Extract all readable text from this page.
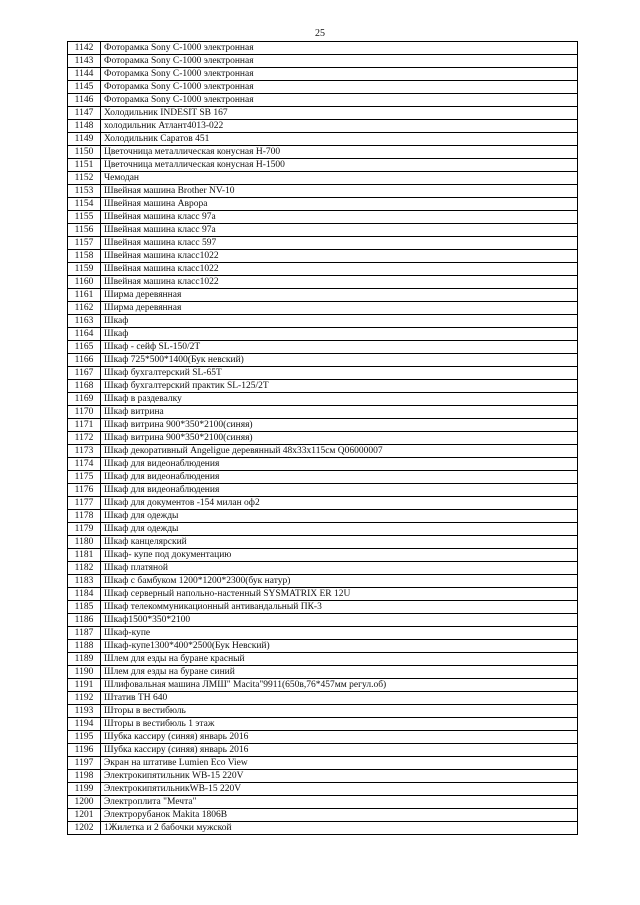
25
1142	Фоторамка Sony C-1000 электронная
1143	Фоторамка Sony C-1000 электронная
1144	Фоторамка Sony C-1000 электронная
1145	Фоторамка Sony C-1000 электронная
1146	Фоторамка Sony C-1000 электронная
1147	Холодильник INDESIT SB 167
1148	холодильник Атлант4013-022
1149	Холодильник Саратов 451
1150	Цветочница металлическая конусная Н-700
1151	Цветочница металлическая конусная Н-1500
1152	Чемодан
1153	Швейная машина Brother NV-10
1154	Швейная машина Аврора
1155	Швейная машина класс 97а
1156	Швейная машина класс 97а
1157	Швейная машина класс 597
1158	Швейная машина класс1022
1159	Швейная машина класс1022
1160	Швейная машина класс1022
1161	Ширма деревянная
1162	Ширма деревянная
1163	Шкаф
1164	Шкаф
1165	Шкаф - сейф SL-150/2T
1166	Шкаф 725*500*1400(Бук невский)
1167	Шкаф бухгалтерский SL-65T
1168	Шкаф бухгалтерский практик SL-125/2T
1169	Шкаф в раздевалку
1170	Шкаф витрина
1171	Шкаф витрина 900*350*2100(синяя)
1172	Шкаф витрина 900*350*2100(синяя)
1173	Шкаф декоративный Angeligue деревянный 48x33x115см Q06000007
1174	Шкаф для видеонаблюдения
1175	Шкаф для видеонаблюдения
1176	Шкаф для видеонаблюдения
1177	Шкаф для документов -154 милан оф2
1178	Шкаф для одежды
1179	Шкаф для одежды
1180	Шкаф канцелярский
1181	Шкаф- купе под документацию
1182	Шкаф платяной
1183	Шкаф с бамбуком 1200*1200*2300(бук натур)
1184	Шкаф серверный напольно-настенный SYSMATRIX ER 12U
1185	Шкаф телекоммуникационный антивандальный ПК-3
1186	Шкаф1500*350*2100
1187	Шкаф-купе
1188	Шкаф-купе1300*400*2500(Бук Невский)
1189	Шлем для езды на буране красный
1190	Шлем для езды на буране синий
1191	Шлифовальная машина ЛМШ" Macita"9911(650в,76*457мм регул.об)
1192	Штатив TH 640
1193	Шторы в вестибюль
1194	Шторы в вестибюль 1 этаж
1195	Шубка кассиру (синяя) январь 2016
1196	Шубка кассиру (синяя) январь 2016
1197	Экран на штативе Lumien Eco View
1198	Электрокипятильник WB-15 220V
1199	ЭлектрокипятильникWB-15 220V
1200	Электроплита "Мечта"
1201	Электрорубанок Makita 1806B
1202	1Жилетка и 2 бабочки мужской
